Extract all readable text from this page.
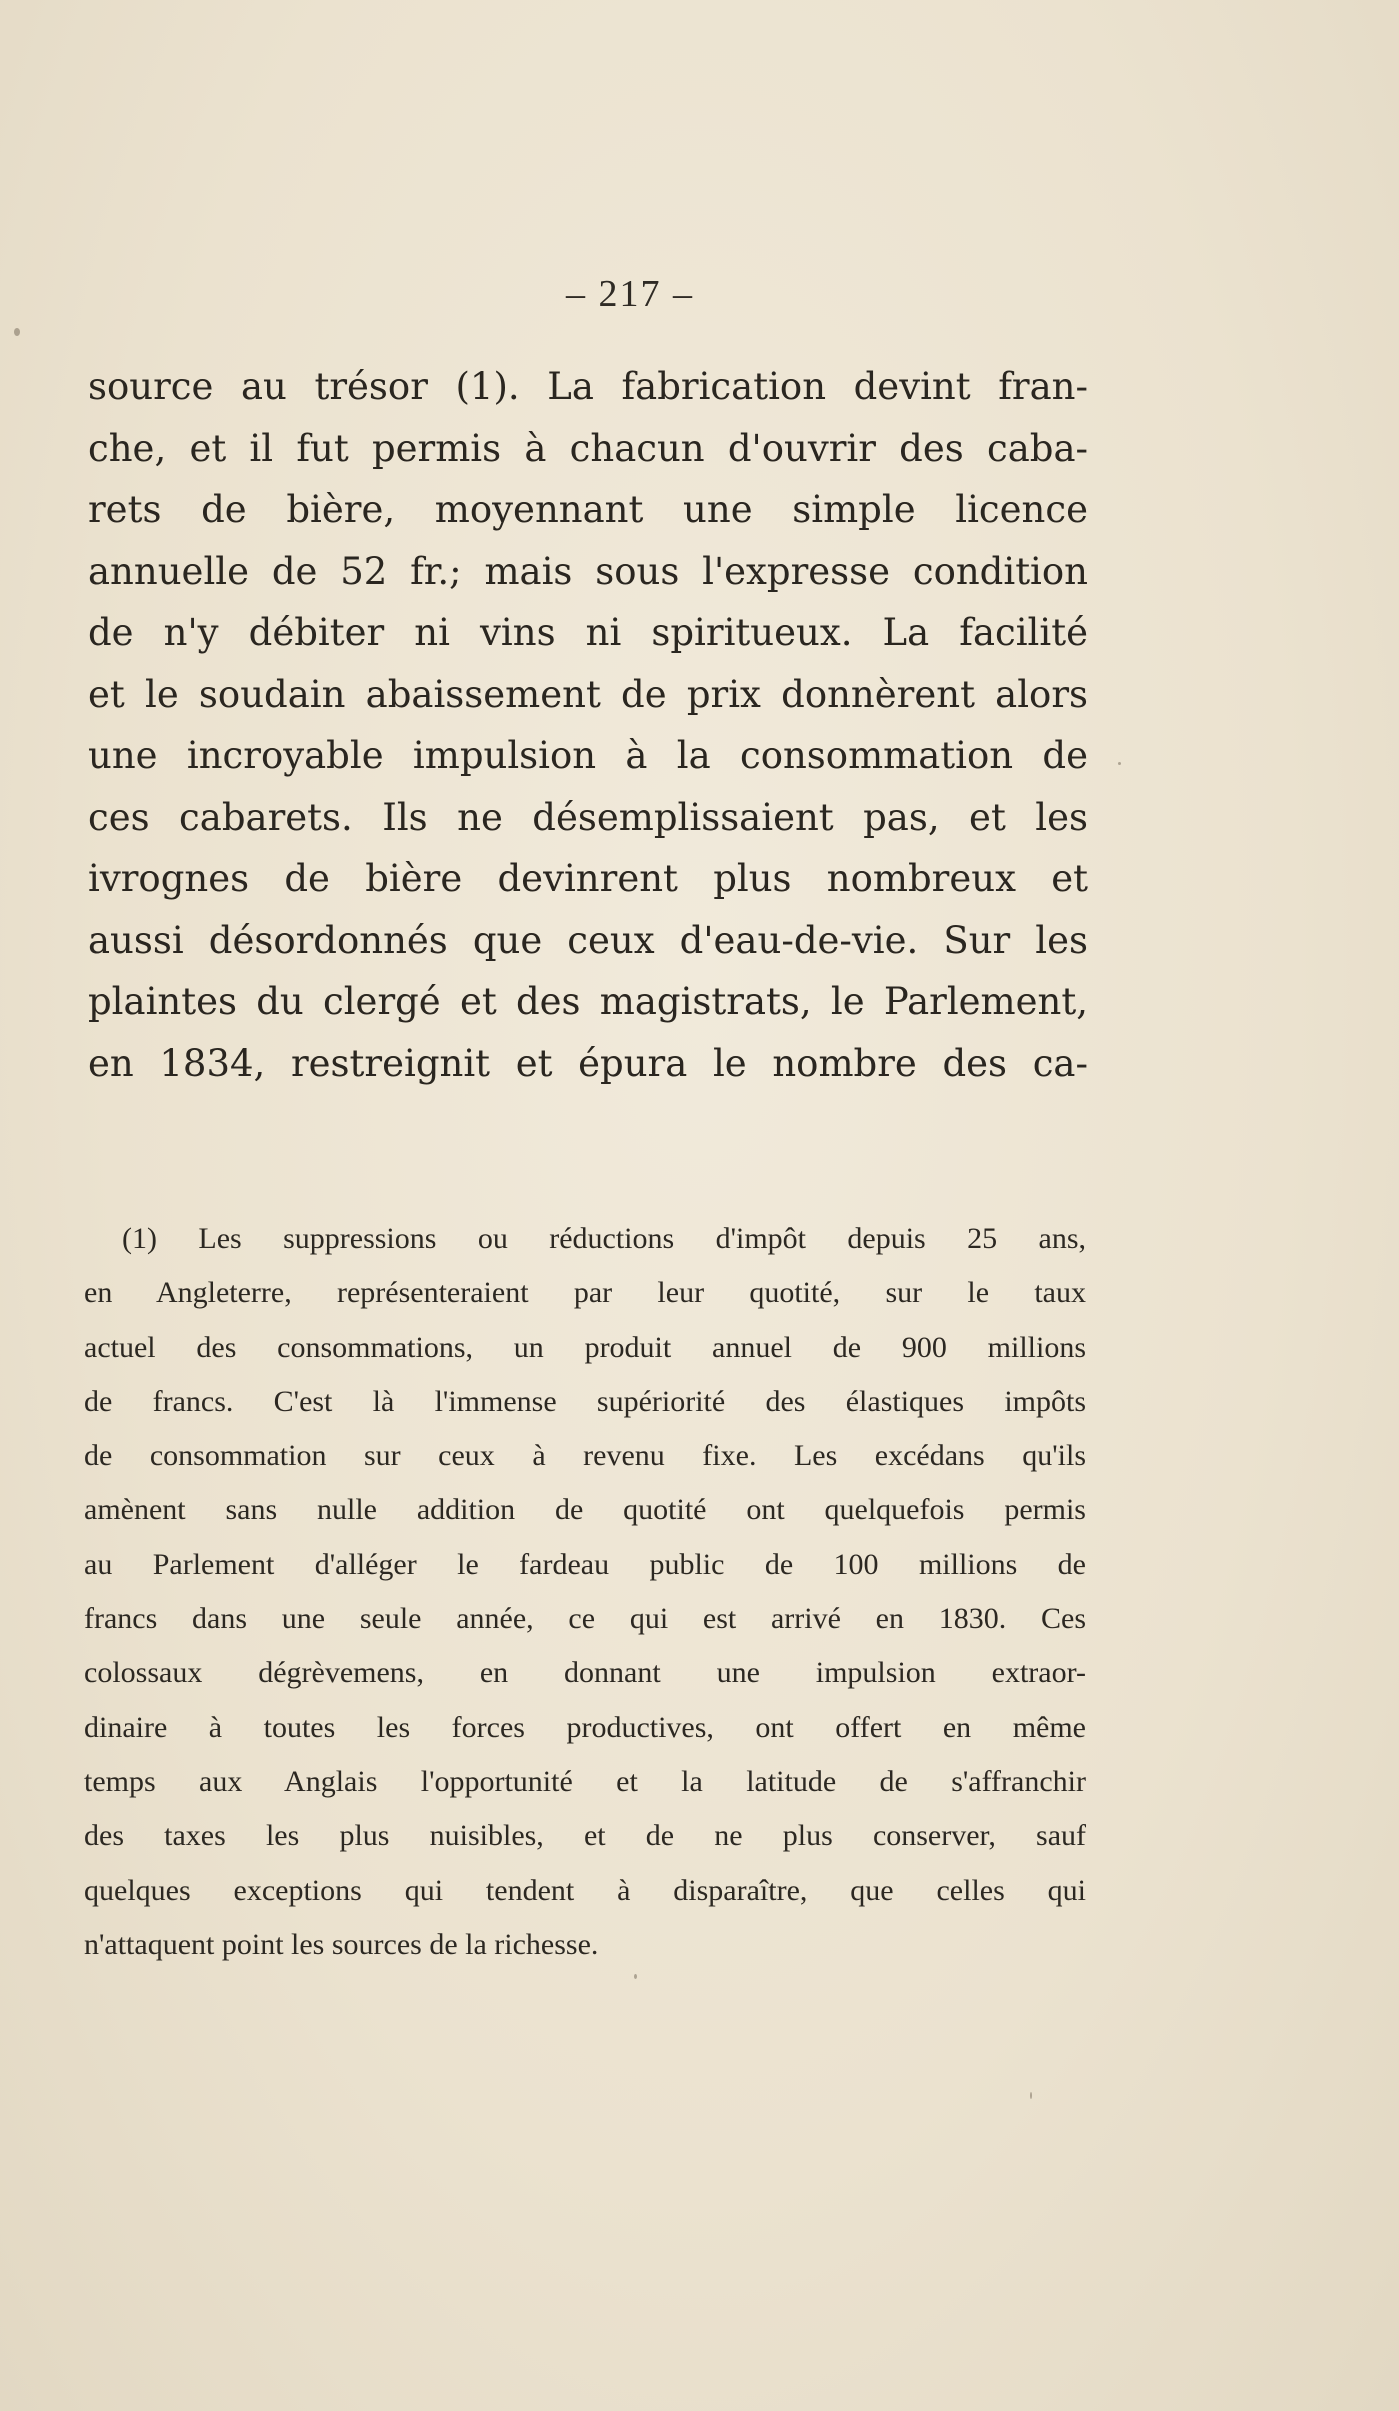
– 217 –
source au trésor (1). La fabrication devint fran-
che, et il fut permis à chacun d'ouvrir des caba-
rets de bière, moyennant une simple licence
annuelle de 52 fr.; mais sous l'expresse condition
de n'y débiter ni vins ni spiritueux. La facilité
et le soudain abaissement de prix donnèrent alors
une incroyable impulsion à la consommation de
ces cabarets. Ils ne désemplissaient pas, et les
ivrognes de bière devinrent plus nombreux et
aussi désordonnés que ceux d'eau-de-vie. Sur les
plaintes du clergé et des magistrats, le Parlement,
en 1834, restreignit et épura le nombre des ca-
(1) Les suppressions ou réductions d'impôt depuis 25 ans,
en Angleterre, représenteraient par leur quotité, sur le taux
actuel des consommations, un produit annuel de 900 millions
de francs. C'est là l'immense supériorité des élastiques impôts
de consommation sur ceux à revenu fixe. Les excédans qu'ils
amènent sans nulle addition de quotité ont quelquefois permis
au Parlement d'alléger le fardeau public de 100 millions de
francs dans une seule année, ce qui est arrivé en 1830. Ces
colossaux dégrèvemens, en donnant une impulsion extraor-
dinaire à toutes les forces productives, ont offert en même
temps aux Anglais l'opportunité et la latitude de s'affranchir
des taxes les plus nuisibles, et de ne plus conserver, sauf
quelques exceptions qui tendent à disparaître, que celles qui
n'attaquent point les sources de la richesse.
